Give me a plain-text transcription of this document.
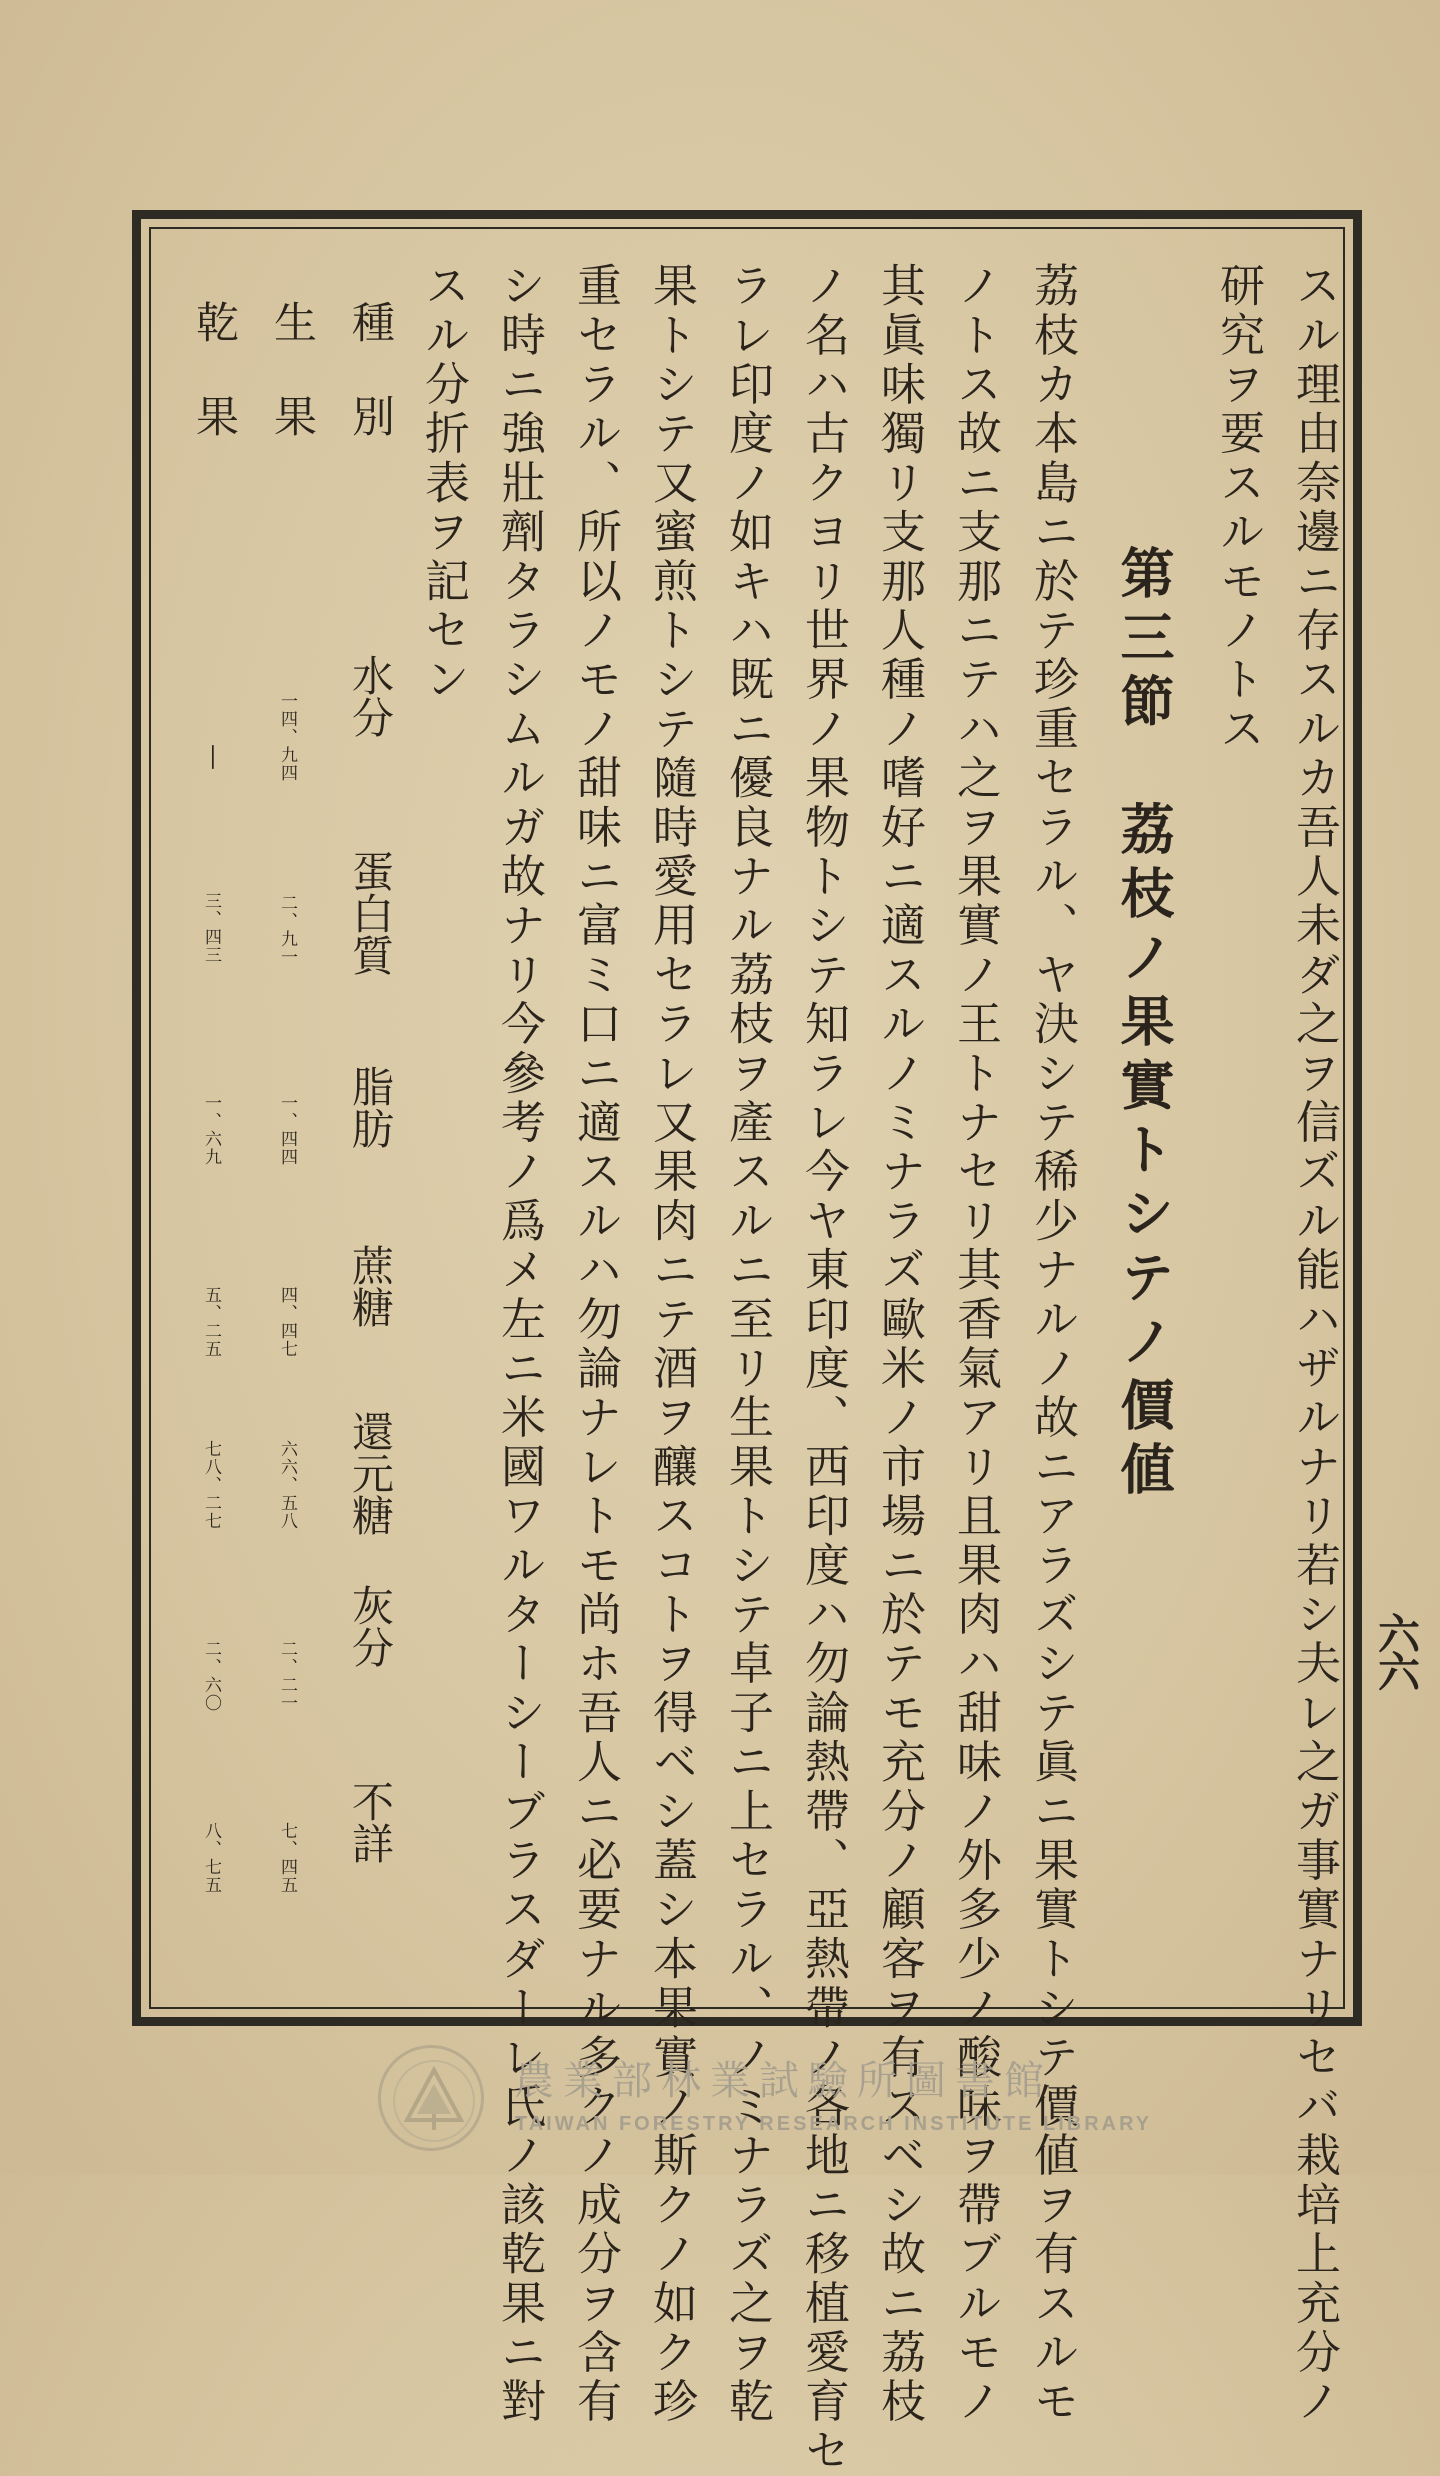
六六
スル理由奈邊ニ存スルカ吾人未ダ之ヲ信ズル能ハザルナリ若シ夫レ之ガ事實ナリセバ栽培上充分ノ
研究ヲ要スルモノトス
第三節　荔枝ノ果實トシテノ價値
荔枝カ本島ニ於テ珍重セラル、ヤ決シテ稀少ナルノ故ニアラズシテ眞ニ果實トシテ價値ヲ有スルモ
ノトス故ニ支那ニテハ之ヲ果實ノ王トナセリ其香氣アリ且果肉ハ甜味ノ外多少ノ酸味ヲ帶ブルモノ
其眞味獨リ支那人種ノ嗜好ニ適スルノミナラズ歐米ノ市場ニ於テモ充分ノ顧客ヲ有スベシ故ニ荔枝
ノ名ハ古クヨリ世界ノ果物トシテ知ラレ今ヤ東印度、西印度ハ勿論熱帶、亞熱帶ノ各地ニ移植愛育セ
ラレ印度ノ如キハ既ニ優良ナル荔枝ヲ產スルニ至リ生果トシテ卓子ニ上セラル、ノミナラズ之ヲ乾
果トシテ又蜜煎トシテ隨時愛用セラレ又果肉ニテ酒ヲ釀スコトヲ得ベシ蓋シ本果實ノ斯クノ如ク珍
重セラル、所以ノモノ甜味ニ富ミ口ニ適スルハ勿論ナレトモ尚ホ吾人ニ必要ナル多クノ成分ヲ含有
シ時ニ強壯劑タラシムルガ故ナリ今參考ノ爲メ左ニ米國ワルターシーブラスダーレ氏ノ該乾果ニ對
スル分折表ヲ記セン
種　別
生　果
乾　果
水分
蛋白質
脂肪
蔗糖
還元糖
灰分
不詳
一四、九四
二、九一
一、四四
四、四七
六六、五八
二、二一
七、四五
—
三、四三
一、六九
五、二五
七八、二七
二、六〇
八、七五
農業部林業試驗所圖書館
TAIWAN FORESTRY RESEARCH INSTITUTE LIBRARY
